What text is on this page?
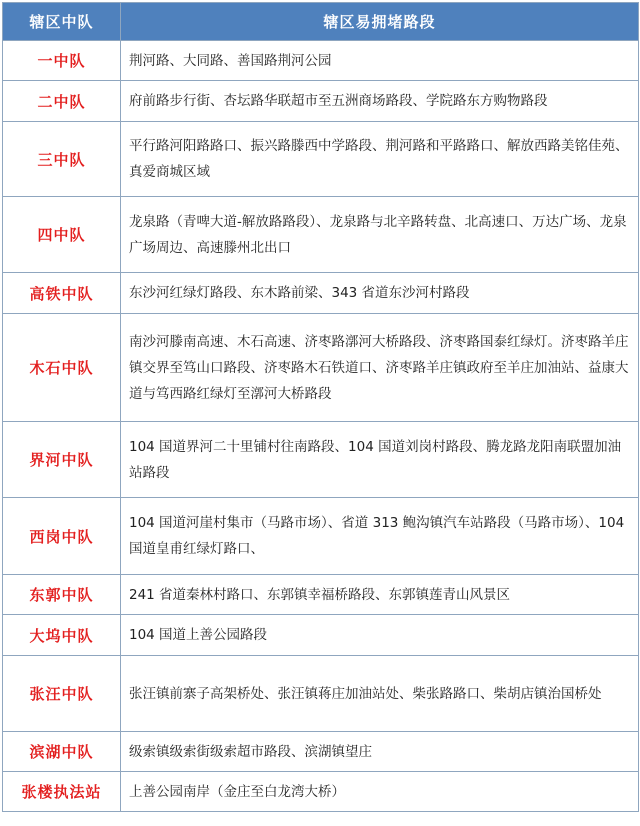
辖区中队	辖区易拥堵路段
一中队	荆河路、大同路、善国路荆河公园
二中队	府前路步行街、杏坛路华联超市至五洲商场路段、学院路东方购物路段
三中队	平行路河阳路路口、振兴路滕西中学路段、荆河路和平路路口、解放西路美铭佳苑、真爱商城区域
四中队	龙泉路（青啤大道-解放路路段）、龙泉路与北辛路转盘、北高速口、万达广场、龙泉广场周边、高速滕州北出口
高铁中队	东沙河红绿灯路段、东木路前梁、343 省道东沙河村路段
木石中队	南沙河滕南高速、木石高速、济枣路漷河大桥路段、济枣路国泰红绿灯。济枣路羊庄镇交界至笃山口路段、济枣路木石铁道口、济枣路羊庄镇政府至羊庄加油站、益康大道与笃西路红绿灯至漷河大桥路段
界河中队	104 国道界河二十里铺村往南路段、104 国道刘岗村路段、腾龙路龙阳南联盟加油站路段
西岗中队	104 国道河崖村集市（马路市场）、省道 313 鲍沟镇汽车站路段（马路市场）、104 国道皇甫红绿灯路口、
东郭中队	241 省道秦林村路口、东郭镇幸福桥路段、东郭镇莲青山风景区
大坞中队	104 国道上善公园路段
张汪中队	张汪镇前寨子高架桥处、张汪镇蒋庄加油站处、柴张路路口、柴胡店镇治国桥处
滨湖中队	级索镇级索街级索超市路段、滨湖镇望庄
张楼执法站	上善公园南岸（金庄至白龙湾大桥）
